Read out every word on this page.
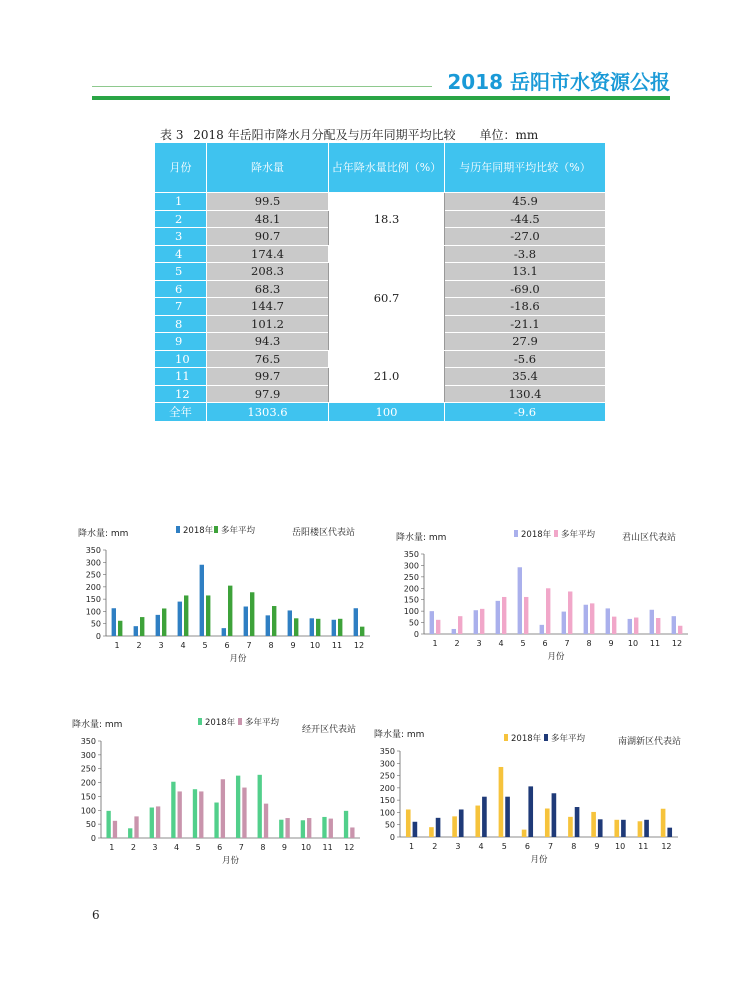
2018 岳阳市水资源公报
表 3 2018 年岳阳市降水月分配及与历年同期平均比较 单位：mm
月份	降水量	占年降水量比例（%）	与历年同期平均比较（%）
1	99.5	18.3	45.9
2	48.1		-44.5
3	90.7		-27.0
4	174.4	60.7	-3.8
5	208.3		13.1
6	68.3		-69.0
7	144.7		-18.6
8	101.2		-21.1
9	94.3		27.9
10	76.5	21.0	-5.6
11	99.7		35.4
12	97.9		130.4
全年	1303.6	100	-9.6
降水量: mm	岳阳楼区代表站
2018年 多年平均
0
50
100
150
200
250
300
350
1 2 3 4 5 6 7 8 9 10 11 12
月份
降水量: mm	君山区代表站
2018年 多年平均
0
50
100
150
200
250
300
350
1 2 3 4 5 6 7 8 9 10 11 12
月份
降水量: mm	经开区代表站
2018年 多年平均
0
50
100
150
200
250
300
350
1 2 3 4 5 6 7 8 9 10 11 12
月份
降水量: mm
南湖新区代表站
2018年 多年平均
0
50
100
150
200
250
300
350
1 2 3 4 5 6 7 8 9 10 11 12
月份
6
